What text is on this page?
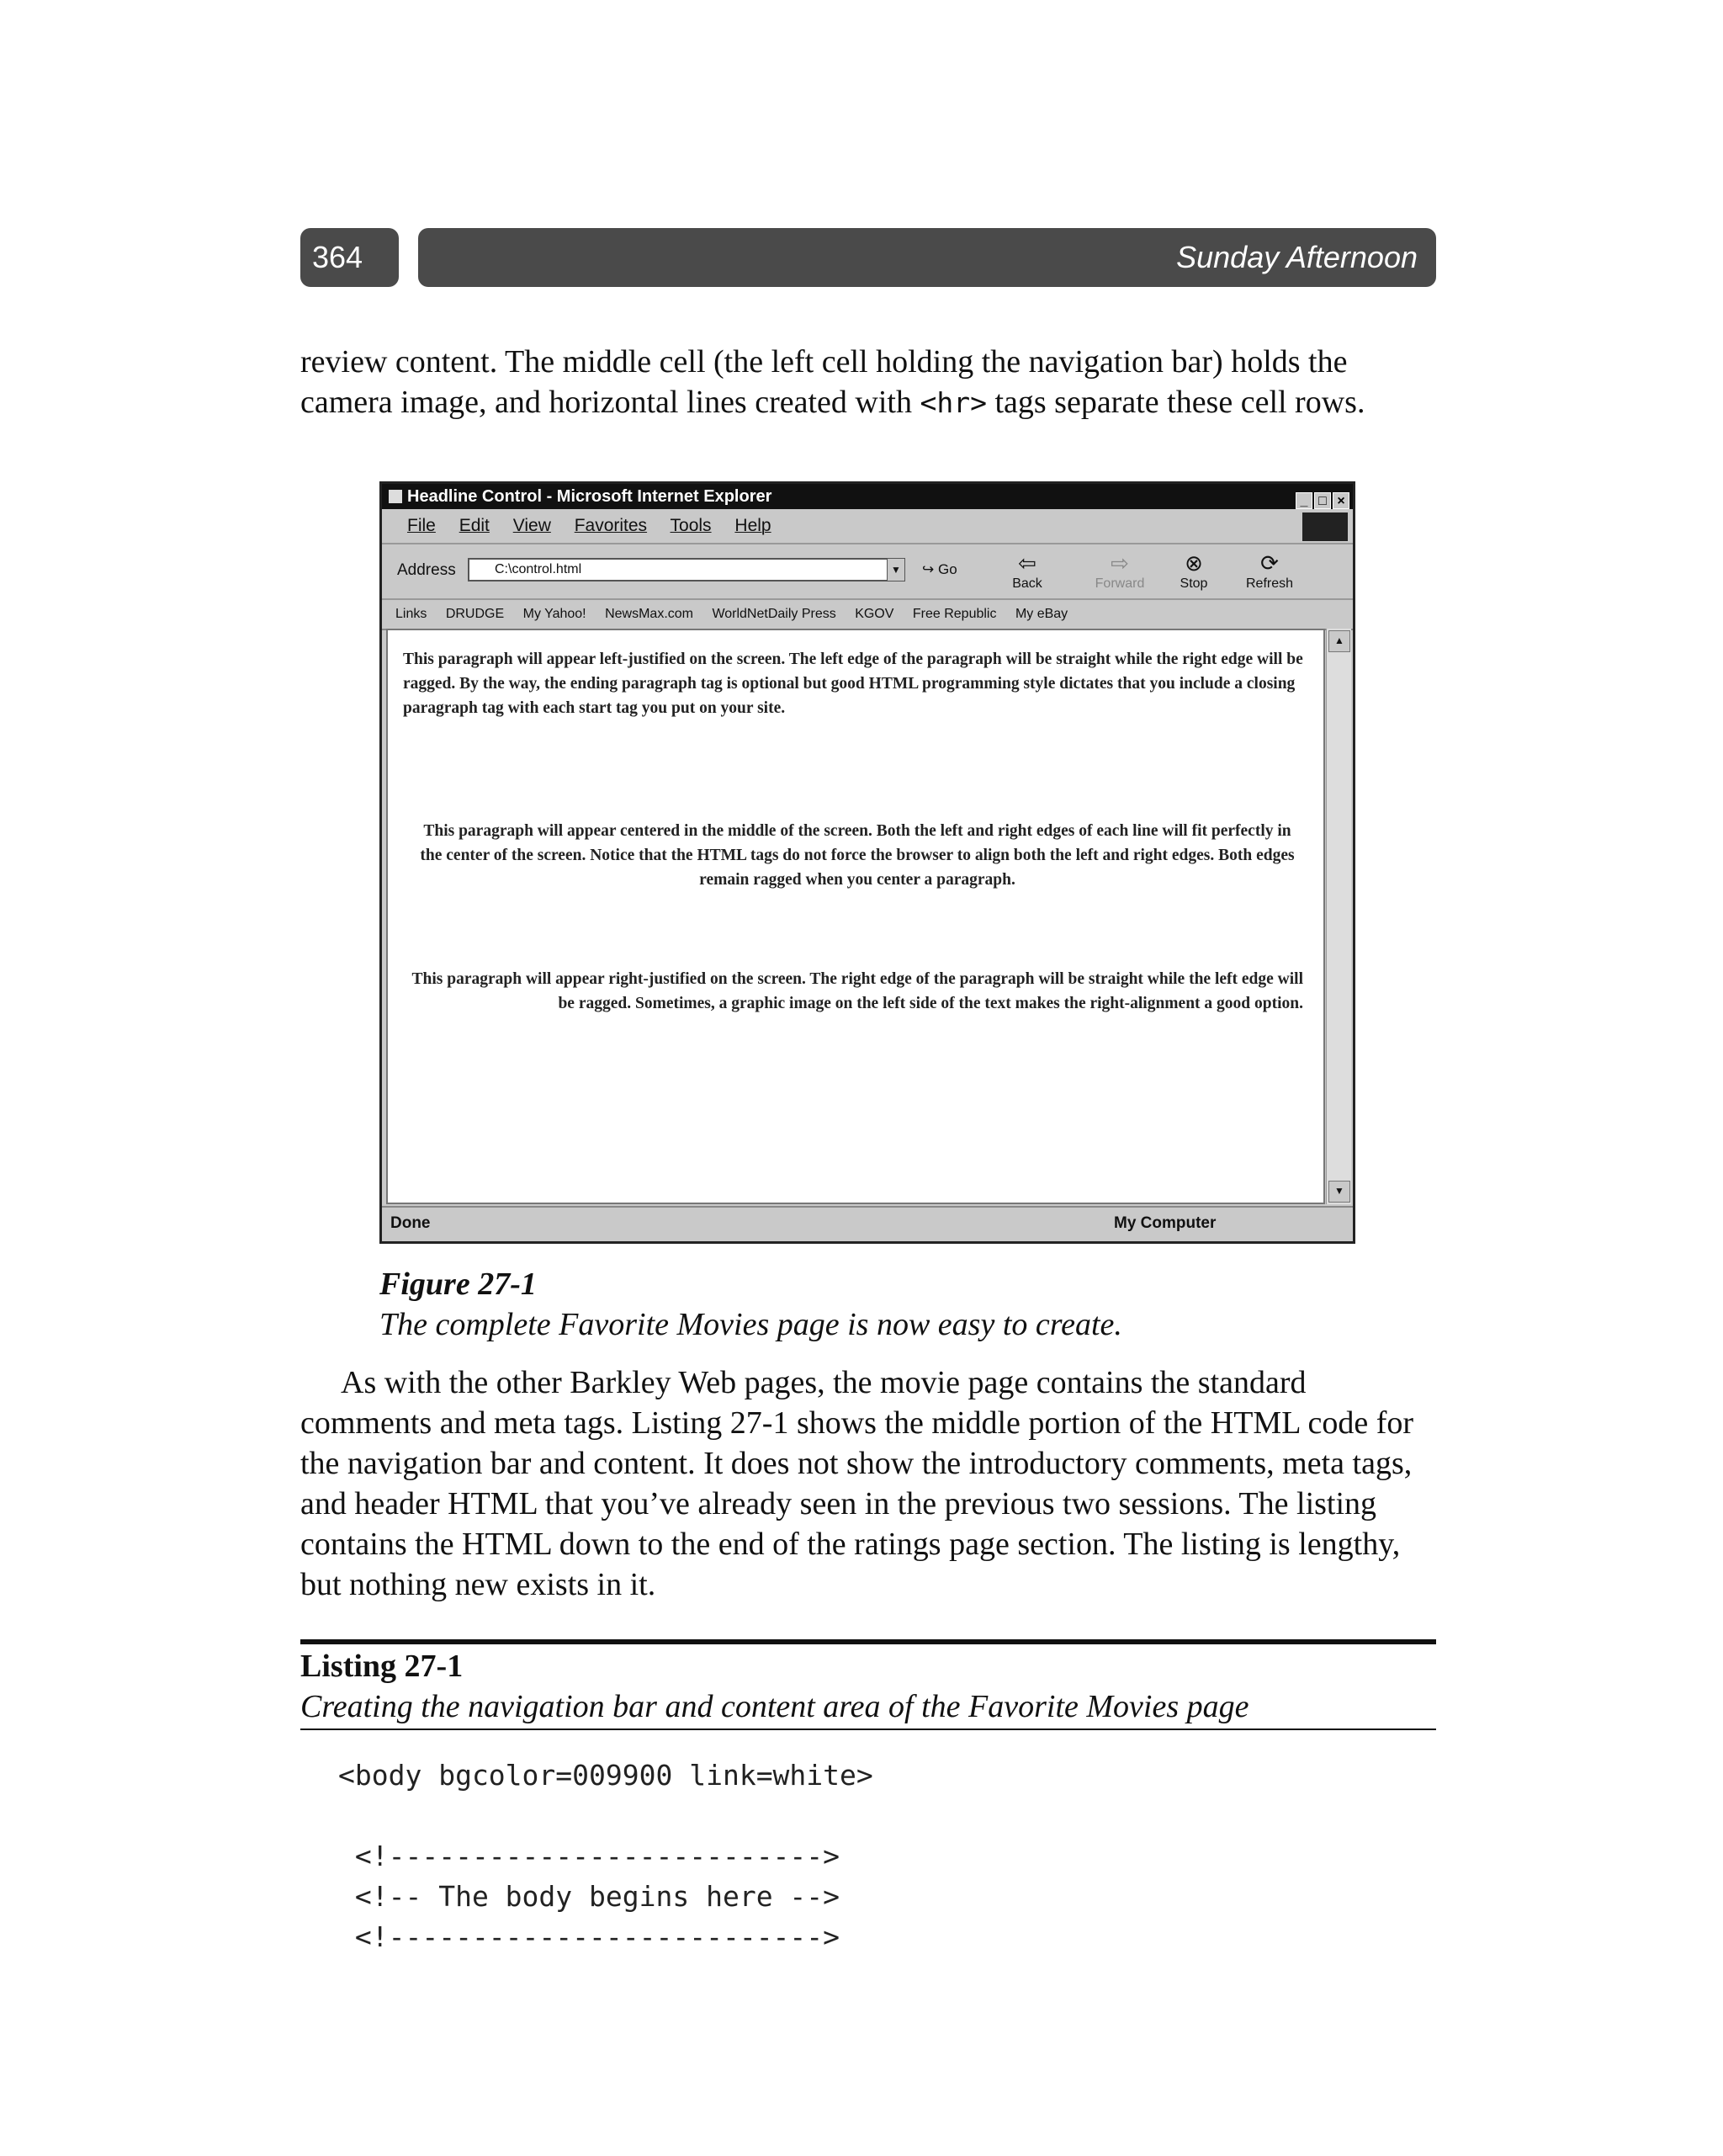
364	Sunday Afternoon

review content. The middle cell (the left cell holding the navigation bar) holds the
camera image, and horizontal lines created with <hr> tags separate these cell rows.

Headline Control - Microsoft Internet Explorer	_ □ ×
File Edit View Favorites Tools Help
Address	C:\control.html	▼ ↪ Go	⇦
Back
⇨
Forward
⊗
Stop
⟳
Refresh
Links DRUDGE My Yahoo! NewsMax.com WorldNetDaily Press KGOV Free Republic My eBay

This paragraph will appear left-justified on the screen. The left edge of the paragraph will be straight while the right edge will be ragged. By the way, the ending paragraph tag is optional but good HTML programming style dictates that you include a closing paragraph tag with each start tag you put on your site.

This paragraph will appear centered in the middle of the screen. Both the left and right edges of each line will fit perfectly in the center of the screen. Notice that the HTML tags do not force the browser to align both the left and right edges. Both edges remain ragged when you center a paragraph.

This paragraph will appear right-justified on the screen. The right edge of the paragraph will be straight while the left edge will be ragged. Sometimes, a graphic image on the left side of the text makes the right-alignment a good option.

▲
▼
Done	My Computer
Figure 27-1
The complete Favorite Movies page is now easy to create.

As with the other Barkley Web pages, the movie page contains the standard comments and meta tags. Listing 27-1 shows the middle portion of the HTML code for the navigation bar and content. It does not show the introductory comments, meta tags, and header HTML that you’ve already seen in the previous two sessions. The listing contains the HTML down to the end of the ratings page section. The listing is lengthy, but nothing new exists in it.

Listing 27-1
Creating the navigation bar and content area of the Favorite Movies page
<body bgcolor=009900 link=white>
<!-------------------------->
<!-- The body begins here -->
<!-------------------------->
